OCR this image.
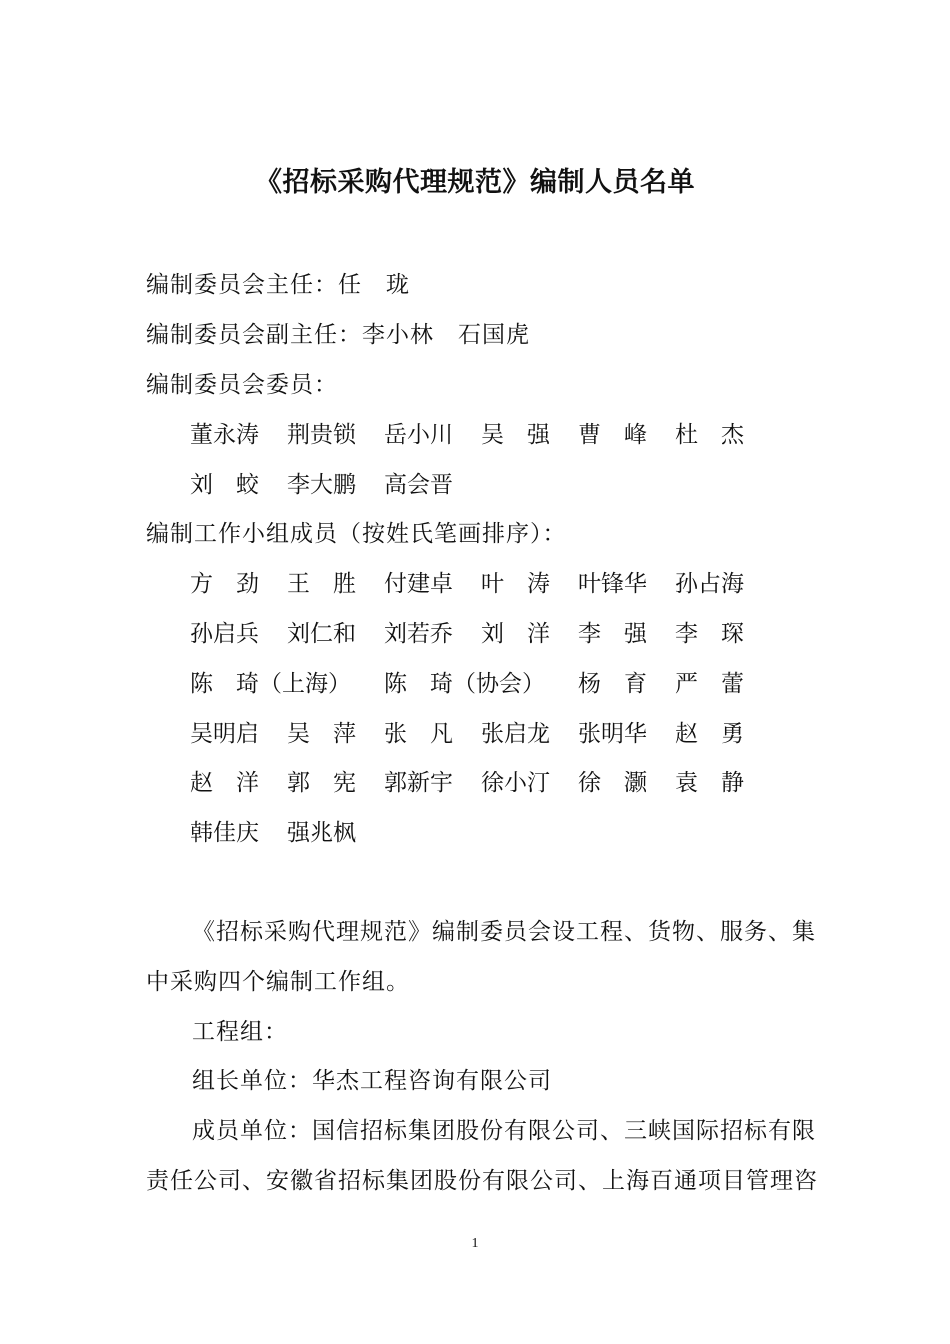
《招标采购代理规范》编制人员名单
编制委员会主任：任　珑
编制委员会副主任：李小林　石国虎
编制委员会委员：
董永涛 荆贵锁 岳小川 吴　强 曹　峰 杜　杰
刘　蛟 李大鹏 高会晋
编制工作小组成员（按姓氏笔画排序）：
方　劲 王　胜 付建卓 叶　涛 叶锋华 孙占海
孙启兵 刘仁和 刘若乔 刘　洋 李　强 李　琛
陈　琦（上海） 陈　琦（协会） 杨　育 严　蕾
吴明启 吴　萍 张　凡 张启龙 张明华 赵　勇
赵　洋 郭　宪 郭新宇 徐小汀 徐　灏 袁　静
韩佳庆 强兆枫
《招标采购代理规范》编制委员会设工程、货物、服务、集
中采购四个编制工作组。
工程组：
组长单位：华杰工程咨询有限公司
成员单位：国信招标集团股份有限公司、三峡国际招标有限
责任公司、安徽省招标集团股份有限公司、上海百通项目管理咨
1
